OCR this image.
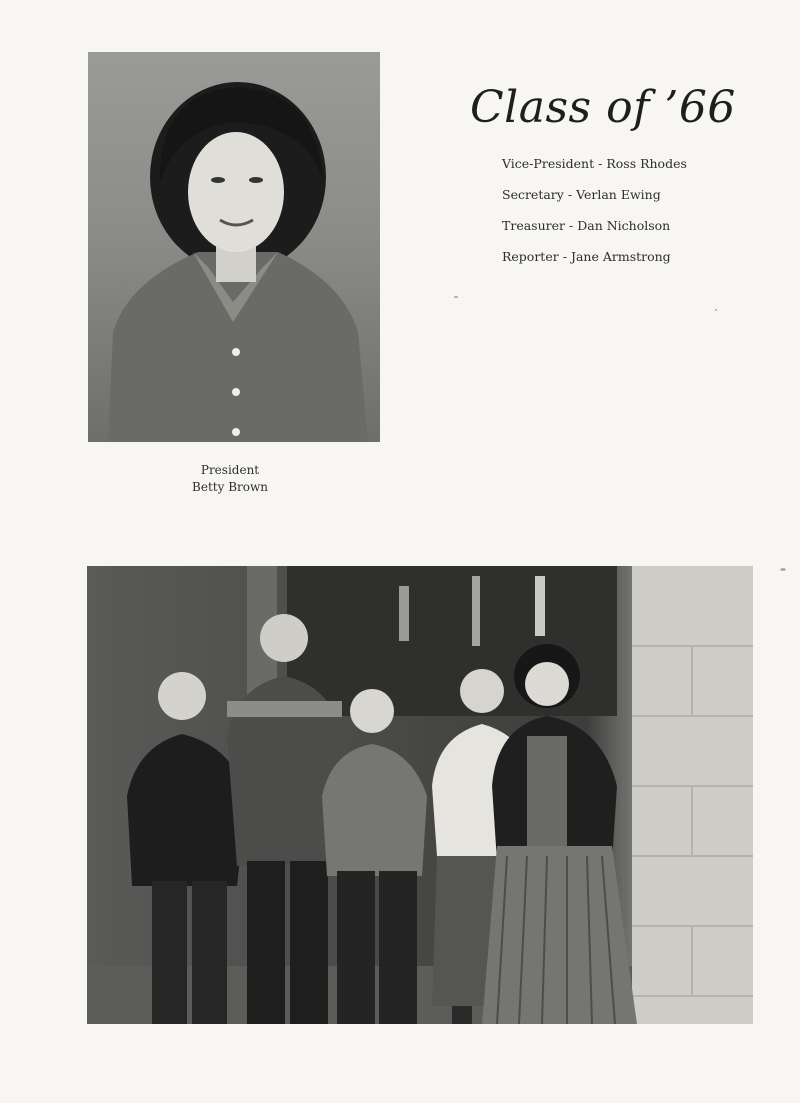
President
Betty Brown
Class of ’66
Vice-President - Ross Rhodes
Secretary - Verlan Ewing
Treasurer - Dan Nicholson
Reporter - Jane Armstrong
